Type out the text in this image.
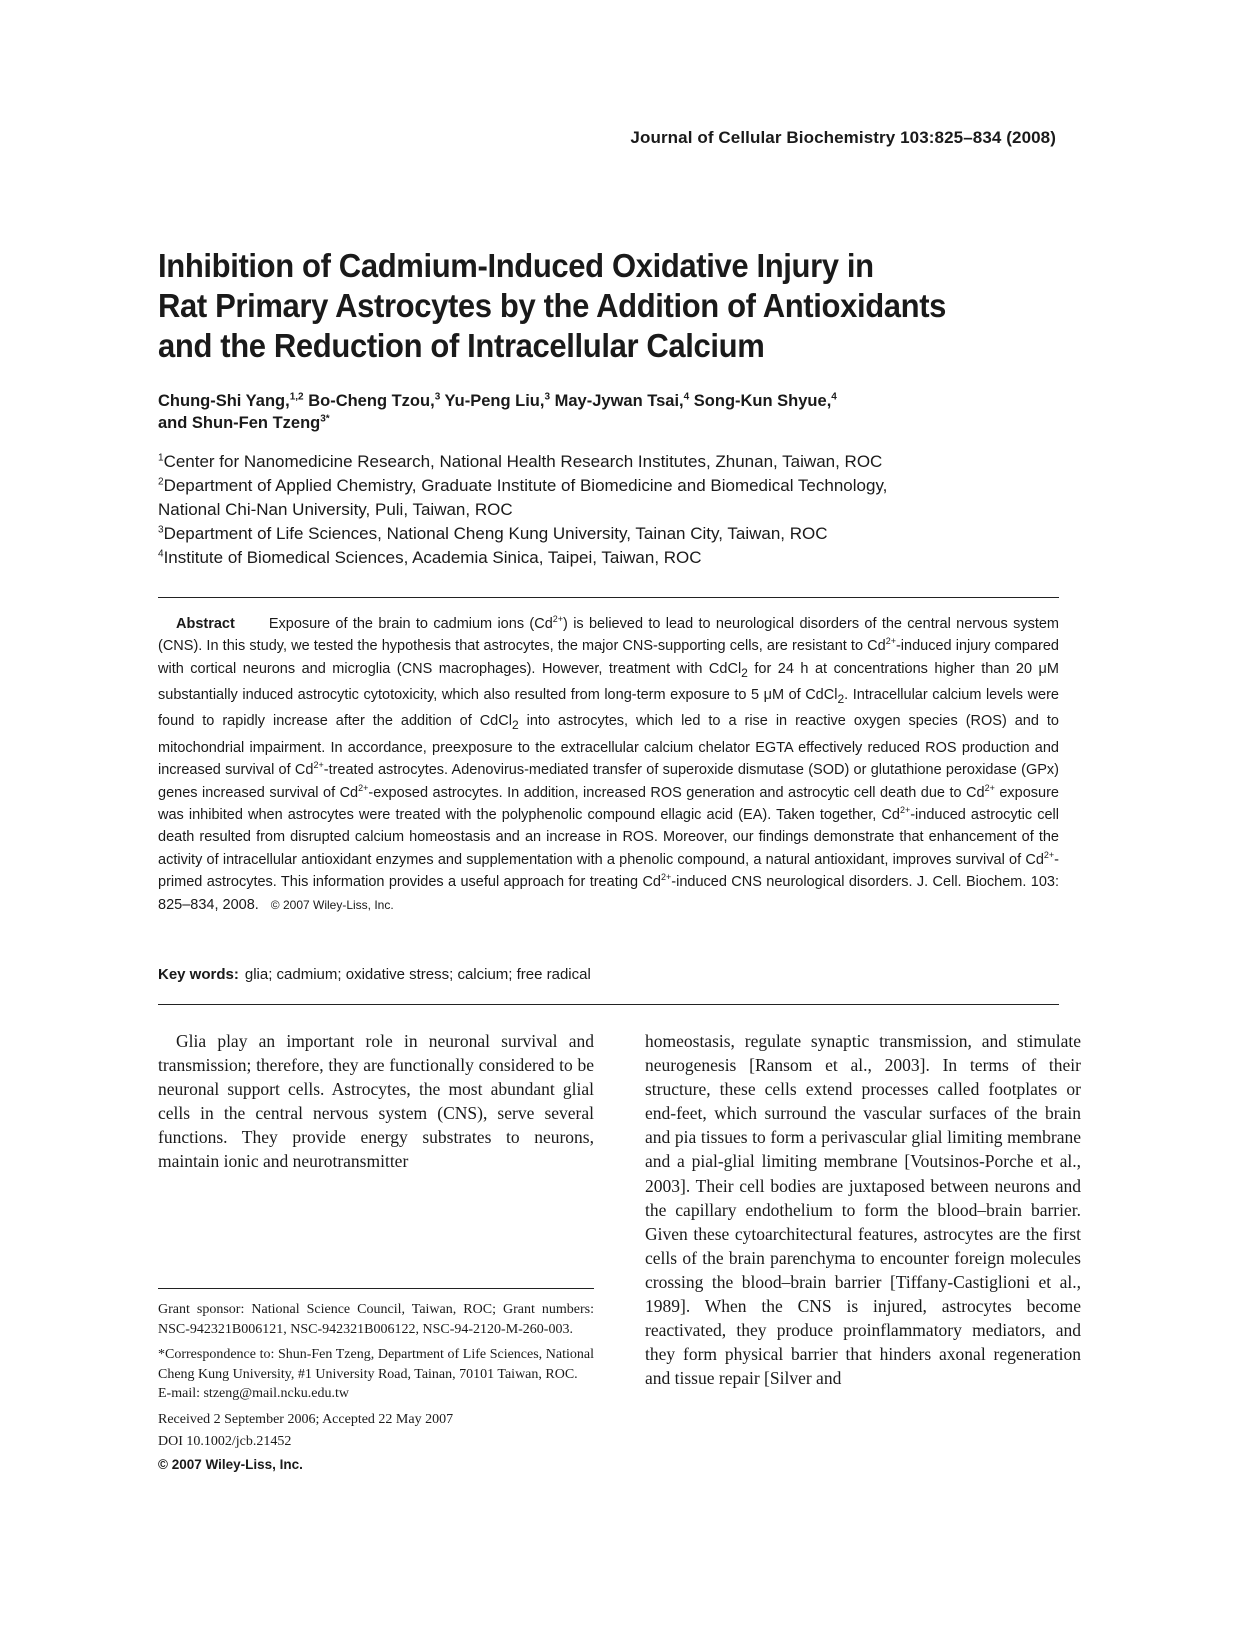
Journal of Cellular Biochemistry 103:825–834 (2008)
Inhibition of Cadmium-Induced Oxidative Injury in
Rat Primary Astrocytes by the Addition of Antioxidants
and the Reduction of Intracellular Calcium
Chung-Shi Yang,$^{1,2}$ Bo-Cheng Tzou,$^3$ Yu-Peng Liu,$^3$ May-Jywan Tsai,$^4$ Song-Kun Shyue,$^4$
and Shun-Fen Tzeng$^{3*}$
$^1$Center for Nanomedicine Research, National Health Research Institutes, Zhunan, Taiwan, ROC
$^2$Department of Applied Chemistry, Graduate Institute of Biomedicine and Biomedical Technology,
National Chi-Nan University, Puli, Taiwan, ROC
$^3$Department of Life Sciences, National Cheng Kung University, Tainan City, Taiwan, ROC
$^4$Institute of Biomedical Sciences, Academia Sinica, Taipei, Taiwan, ROC
Abstract Exposure of the brain to cadmium ions $(Cd^{2+})$ is believed to lead to neurological disorders of the central nervous system (CNS). In this study, we tested the hypothesis that astrocytes, the major CNS-supporting cells, are resistant to $Cd^{2+}$-induced injury compared with cortical neurons and microglia (CNS macrophages). However, treatment with CdCl$_2$ for 24 h at concentrations higher than 20 μM substantially induced astrocytic cytotoxicity, which also resulted from long-term exposure to 5 μM of CdCl$_2$. Intracellular calcium levels were found to rapidly increase after the addition of CdCl$_2$ into astrocytes, which led to a rise in reactive oxygen species (ROS) and to mitochondrial impairment. In accordance, preexposure to the extracellular calcium chelator EGTA effectively reduced ROS production and increased survival of $Cd^{2+}$-treated astrocytes. Adenovirus-mediated transfer of superoxide dismutase (SOD) or glutathione peroxidase (GPx) genes increased survival of $Cd^{2+}$-exposed astrocytes. In addition, increased ROS generation and astrocytic cell death due to $Cd^{2+}$ exposure was inhibited when astrocytes were treated with the polyphenolic compound ellagic acid (EA). Taken together, $Cd^{2+}$-induced astrocytic cell death resulted from disrupted calcium homeostasis and an increase in ROS. Moreover, our findings demonstrate that enhancement of the activity of intracellular antioxidant enzymes and supplementation with a phenolic compound, a natural antioxidant, improves survival of $Cd^{2+}$-primed astrocytes. This information provides a useful approach for treating $Cd^{2+}$-induced CNS neurological disorders. J. Cell. Biochem. 103: 825–834, 2008. © 2007 Wiley-Liss, Inc.
Key words: glia; cadmium; oxidative stress; calcium; free radical

Glia play an important role in neuronal survival and transmission; therefore, they are functionally considered to be neuronal support cells. Astrocytes, the most abundant glial cells in the central nervous system (CNS), serve several functions. They provide energy substrates to neurons, maintain ionic and neurotransmitter

homeostasis, regulate synaptic transmission, and stimulate neurogenesis [Ransom et al., 2003]. In terms of their structure, these cells extend processes called footplates or end-feet, which surround the vascular surfaces of the brain and pia tissues to form a perivascular glial limiting membrane and a pial-glial limiting membrane [Voutsinos-Porche et al., 2003]. Their cell bodies are juxtaposed between neurons and the capillary endothelium to form the blood–brain barrier. Given these cytoarchitectural features, astrocytes are the first cells of the brain parenchyma to encounter foreign molecules crossing the blood–brain barrier [Tiffany-Castiglioni et al., 1989]. When the CNS is injured, astrocytes become reactivated, they produce proinflammatory mediators, and they form physical barrier that hinders axonal regeneration and tissue repair [Silver and

Grant sponsor: National Science Council, Taiwan, ROC; Grant numbers: NSC-942321B006121, NSC-942321B006122, NSC-94-2120-M-260-003.

*Correspondence to: Shun-Fen Tzeng, Department of Life Sciences, National Cheng Kung University, #1 University Road, Tainan, 70101 Taiwan, ROC.

E-mail: stzeng@mail.ncku.edu.tw

Received 2 September 2006; Accepted 22 May 2007

DOI 10.1002/jcb.21452

© 2007 Wiley-Liss, Inc.
